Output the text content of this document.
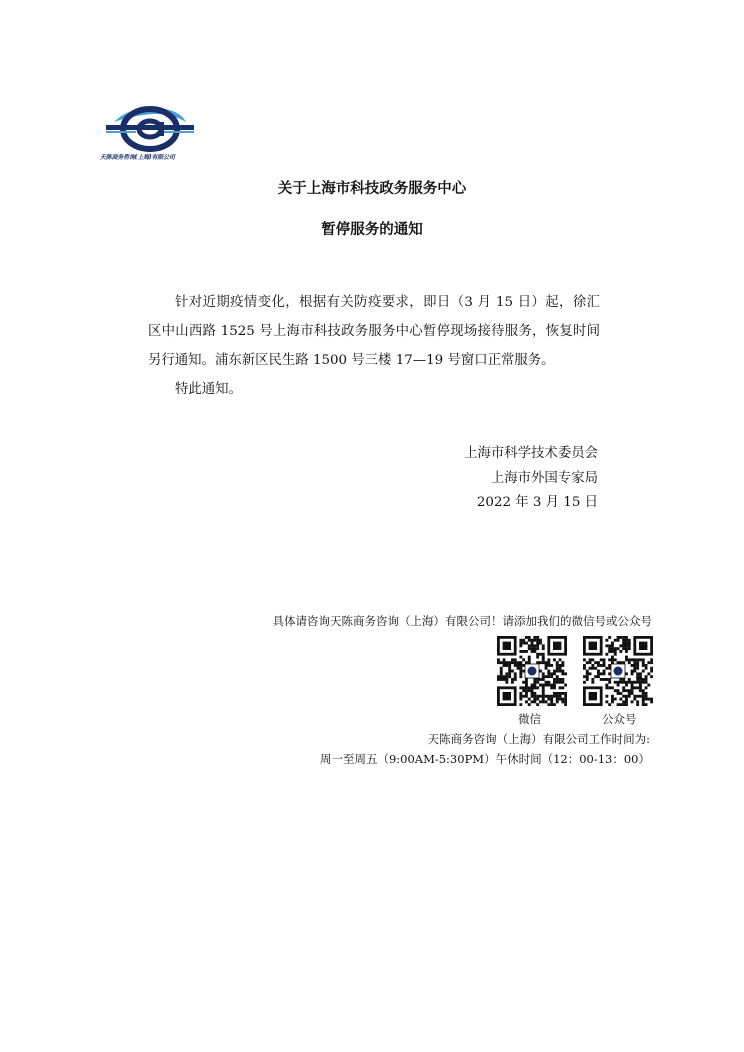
天陈商务咨询(上海)有限公司
关于上海市科技政务服务中心
暂停服务的通知

针对近期疫情变化，根据有关防疫要求，即日（3 月 15 日）起，徐汇区中山西路 1525 号上海市科技政务服务中心暂停现场接待服务，恢复时间另行通知。浦东新区民生路 1500 号三楼 17—19 号窗口正常服务。

特此通知。

上海市科学技术委员会
上海市外国专家局
2022 年 3 月 15 日
具体请咨询天陈商务咨询（上海）有限公司！请添加我们的微信号或公众号
微信	公众号
天陈商务咨询（上海）有限公司工作时间为:
周一至周五（9:00AM-5:30PM）午休时间（12：00-13：00）
